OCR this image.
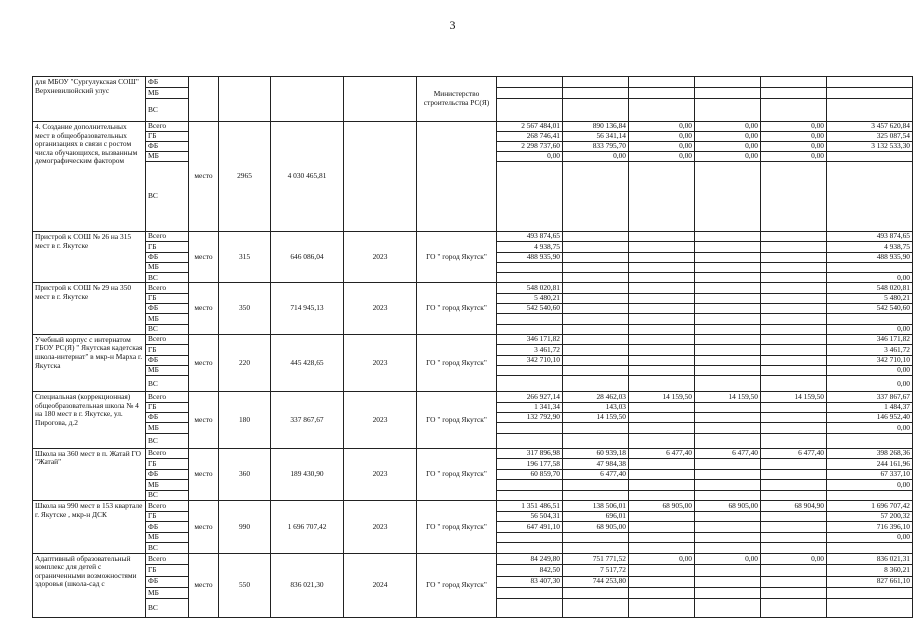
3
для МБОУ "Сургулукская СОШ" Верхневилюйский улус	ФБ					Министерство строительства РС(Я)						
	МБ											
	ВС											
4. Создание дополнительных мест в общеобразовательных организациях в связи с ростом числа обучающихся, вызванным демографическим фактором	Всего	место	2965	4 030 465,81			2 567 484,01	890 136,84	0,00	0,00	0,00	3 457 620,84
	ГБ						268 746,41	56 341,14	0,00	0,00	0,00	325 087,54
	ФБ						2 298 737,60	833 795,70	0,00	0,00	0,00	3 132 533,30
	МБ						0,00	0,00	0,00	0,00	0,00	
	ВС											
Пристрой к СОШ № 26 на 315 мест в г. Якутске	Всего	место	315	646 086,04	2023	ГО " город Якутск"	493 874,65					493 874,65
	ГБ						4 938,75					4 938,75
	ФБ						488 935,90					488 935,90
	МБ											
	ВС											0,00
Пристрой к СОШ № 29 на 350 мест в г. Якутске	Всего	место	350	714 945,13	2023	ГО " город Якутск"	548 020,81					548 020,81
	ГБ						5 480,21					5 480,21
	ФБ						542 540,60					542 540,60
	МБ											
	ВС											0,00
Учебный корпус с интернатом ГБОУ РС(Я) " Якутская кадетская школа-интернат" в мкр-н Марха г. Якутска	Всего	место	220	445 428,65	2023	ГО " город Якутск"	346 171,82					346 171,82
	ГБ						3 461,72					3 461,72
	ФБ						342 710,10					342 710,10
	МБ											0,00
	ВС											0,00
Специальная (коррекционная) общеобразовательная школа № 4 на 180 мест в г. Якутске, ул. Пирогова, д.2	Всего	место	180	337 867,67	2023	ГО " город Якутск"	266 927,14	28 462,03	14 159,50	14 159,50	14 159,50	337 867,67
	ГБ						1 341,34	143,03				1 484,37
	ФБ						132 792,90	14 159,50				146 952,40
	МБ											0,00
	ВС											
Школа на 360 мест в п. Жатай ГО "Жатай"	Всего	место	360	189 430,90	2023	ГО " город Якутск"	317 896,98	60 939,18	6 477,40	6 477,40	6 477,40	398 268,36
	ГБ						196 177,58	47 984,38				244 161,96
	ФБ						60 859,70	6 477,40				67 337,10
	МБ											0,00
	ВС											
Школа на 990 мест в 153 квартале г. Якутске , мкр-н ДСК	Всего	место	990	1 696 707,42	2023	ГО " город Якутск"	1 351 486,51	138 506,01	68 905,00	68 905,00	68 904,90	1 696 707,42
	ГБ						56 504,31	696,01				57 200,32
	ФБ						647 491,10	68 905,00				716 396,10
	МБ											0,00
	ВС											
Адаптивный образовательный комплекс для детей с ограниченными возможностями здоровья (школа-сад с	Всего	место	550	836 021,30	2024	ГО " город Якутск"	84 249,80	751 771,52	0,00	0,00	0,00	836 021,31
	ГБ						842,50	7 517,72				8 360,21
	ФБ						83 407,30	744 253,80				827 661,10
	МБ											
	ВС											
